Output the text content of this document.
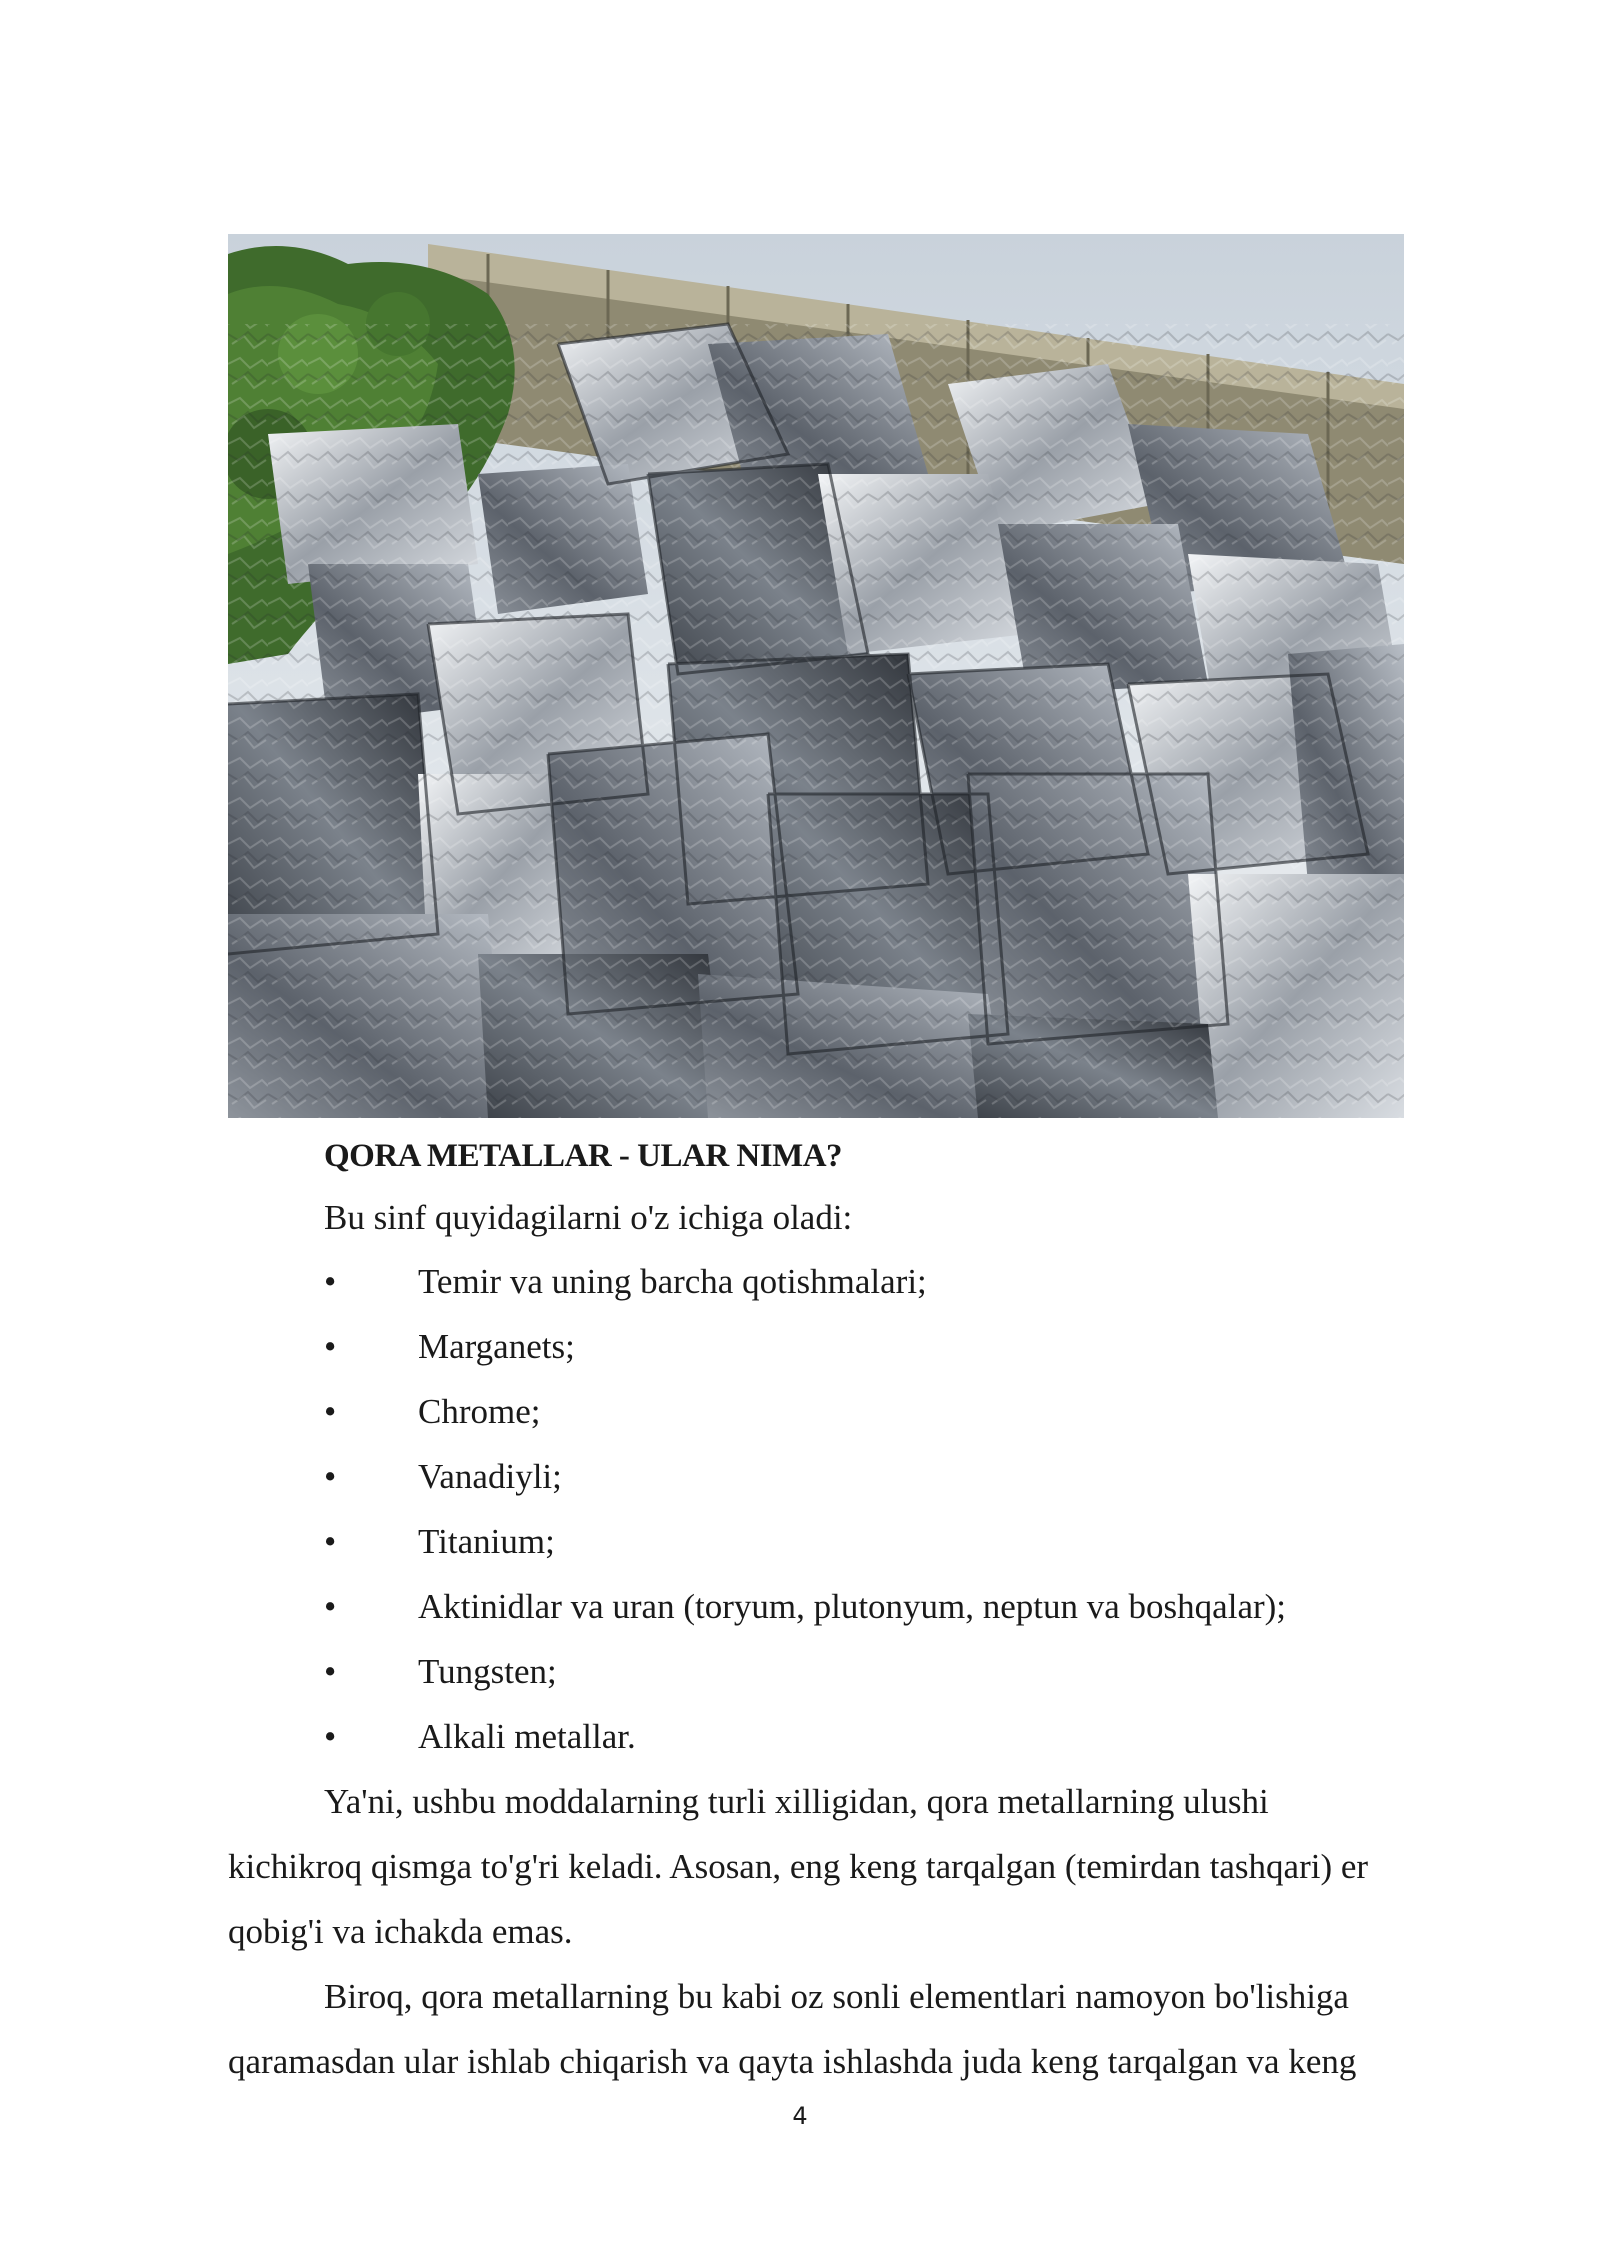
QORA METALLAR - ULAR NIMA?
Bu sinf quyidagilarni o'z ichiga oladi:
•	Temir va uning barcha qotishmalari;
•	Marganets;
•	Chrome;
•	Vanadiyli;
•	Titanium;
•	Aktinidlar va uran (toryum, plutonyum, neptun va boshqalar);
•	Tungsten;
•	Alkali metallar.
Ya'ni, ushbu moddalarning turli xilligidan, qora metallarning ulushi
kichikroq qismga to'g'ri keladi. Asosan, eng keng tarqalgan (temirdan tashqari) er
qobig'i va ichakda emas.
Biroq, qora metallarning bu kabi oz sonli elementlari namoyon bo'lishiga
qaramasdan ular ishlab chiqarish va qayta ishlashda juda keng tarqalgan va keng
4
